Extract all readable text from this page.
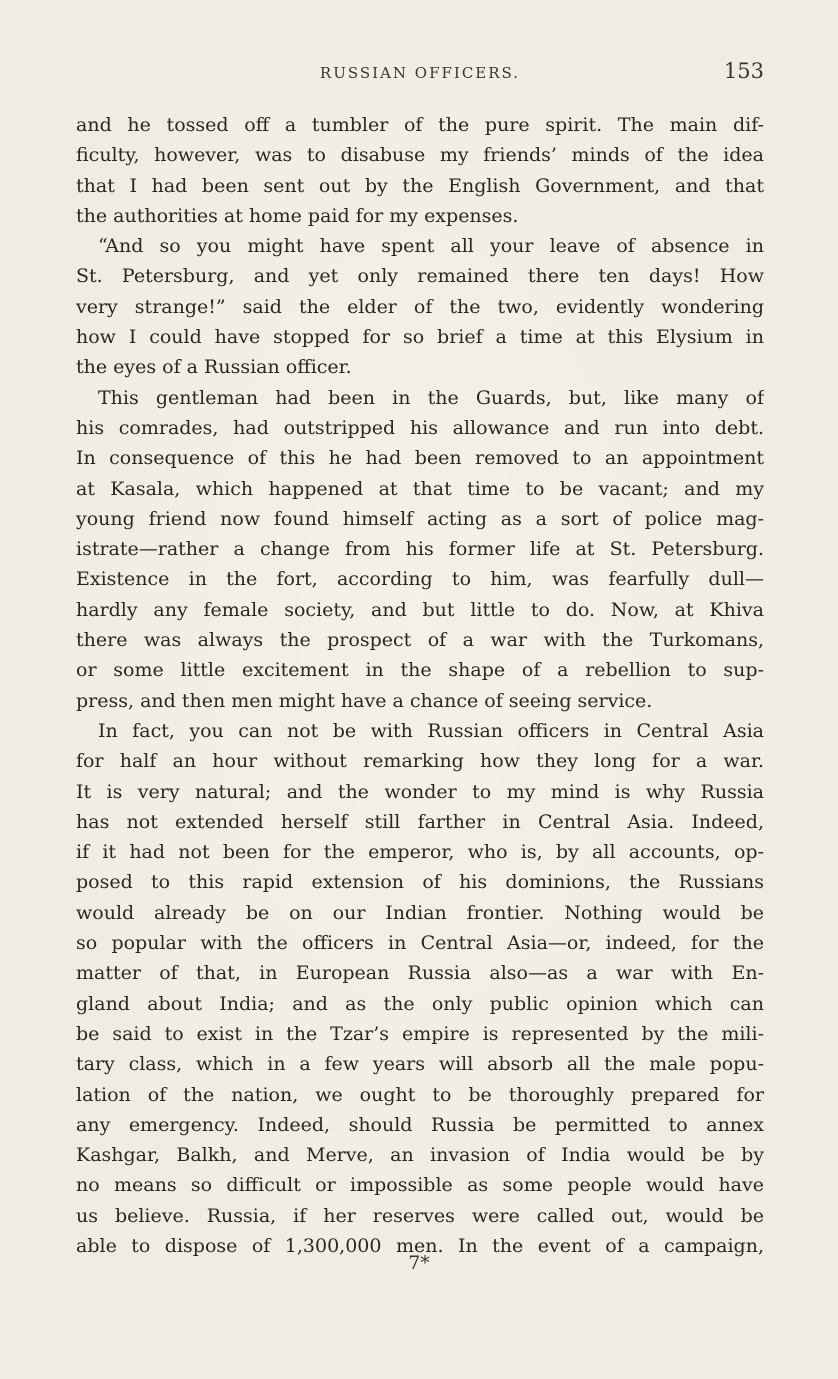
RUSSIAN OFFICERS.	153
and he tossed off a tumbler of the pure spirit. The main dif-
ficulty, however, was to disabuse my friends’ minds of the idea
that I had been sent out by the English Government, and that
the authorities at home paid for my expenses.
“And so you might have spent all your leave of absence in
St. Petersburg, and yet only remained there ten days! How
very strange!” said the elder of the two, evidently wondering
how I could have stopped for so brief a time at this Elysium in
the eyes of a Russian officer.
This gentleman had been in the Guards, but, like many of
his comrades, had outstripped his allowance and run into debt.
In consequence of this he had been removed to an appointment
at Kasala, which happened at that time to be vacant; and my
young friend now found himself acting as a sort of police mag-
istrate—rather a change from his former life at St. Petersburg.
Existence in the fort, according to him, was fearfully dull—
hardly any female society, and but little to do. Now, at Khiva
there was always the prospect of a war with the Turkomans,
or some little excitement in the shape of a rebellion to sup-
press, and then men might have a chance of seeing service.
In fact, you can not be with Russian officers in Central Asia
for half an hour without remarking how they long for a war.
It is very natural; and the wonder to my mind is why Russia
has not extended herself still farther in Central Asia. Indeed,
if it had not been for the emperor, who is, by all accounts, op-
posed to this rapid extension of his dominions, the Russians
would already be on our Indian frontier. Nothing would be
so popular with the officers in Central Asia—or, indeed, for the
matter of that, in European Russia also—as a war with En-
gland about India; and as the only public opinion which can
be said to exist in the Tzar’s empire is represented by the mili-
tary class, which in a few years will absorb all the male popu-
lation of the nation, we ought to be thoroughly prepared for
any emergency. Indeed, should Russia be permitted to annex
Kashgar, Balkh, and Merve, an invasion of India would be by
no means so difficult or impossible as some people would have
us believe. Russia, if her reserves were called out, would be
able to dispose of 1,300,000 men. In the event of a campaign,
7*
